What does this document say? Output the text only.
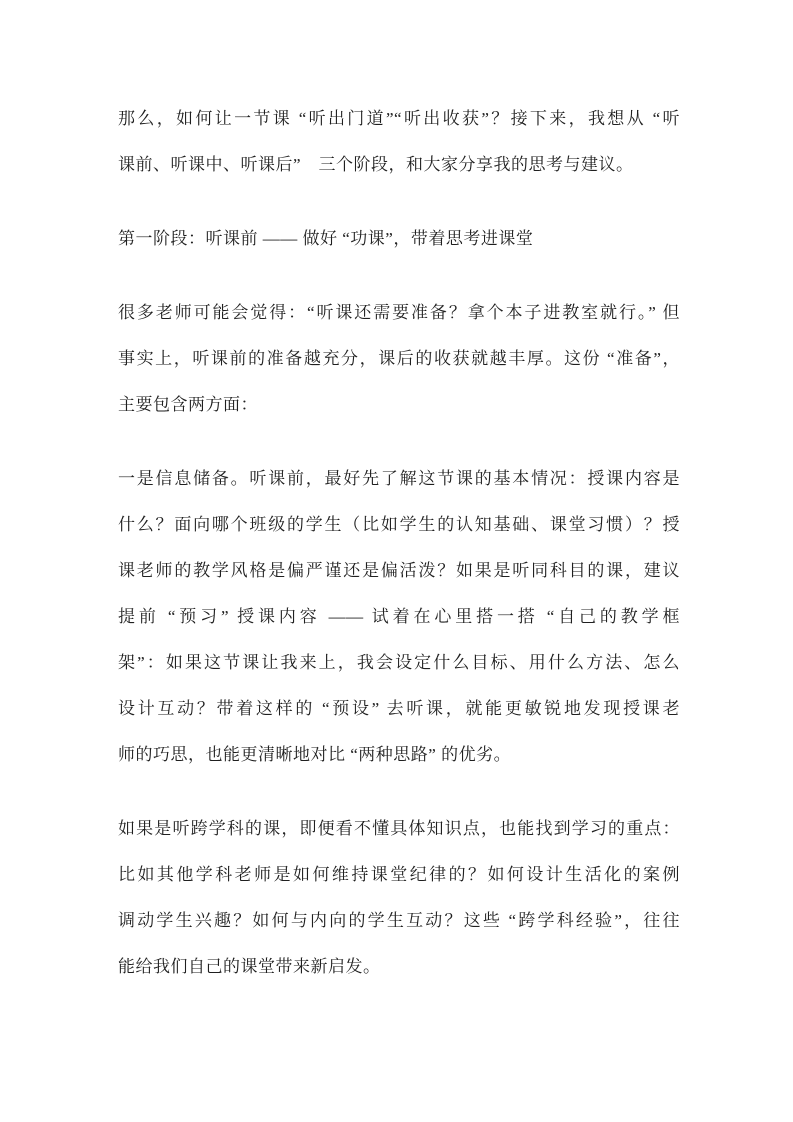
那么，如何让一节课 “听出门道”“听出收获”？接下来，我想从 “听
课前、听课中、听课后”　三个阶段，和大家分享我的思考与建议。
第一阶段：听课前 —— 做好 “功课”，带着思考进课堂
很多老师可能会觉得：“听课还需要准备？拿个本子进教室就行。” 但
事实上，听课前的准备越充分，课后的收获就越丰厚。这份 “准备”，
主要包含两方面：
一是信息储备。听课前，最好先了解这节课的基本情况：授课内容是
什么？面向哪个班级的学生（比如学生的认知基础、课堂习惯）？授
课老师的教学风格是偏严谨还是偏活泼？如果是听同科目的课，建议
提前 “预习” 授课内容 —— 试着在心里搭一搭 “自己的教学框
架”：如果这节课让我来上，我会设定什么目标、用什么方法、怎么
设计互动？带着这样的 “预设” 去听课，就能更敏锐地发现授课老
师的巧思，也能更清晰地对比 “两种思路” 的优劣。
如果是听跨学科的课，即便看不懂具体知识点，也能找到学习的重点：
比如其他学科老师是如何维持课堂纪律的？如何设计生活化的案例
调动学生兴趣？如何与内向的学生互动？这些 “跨学科经验”，往往
能给我们自己的课堂带来新启发。
